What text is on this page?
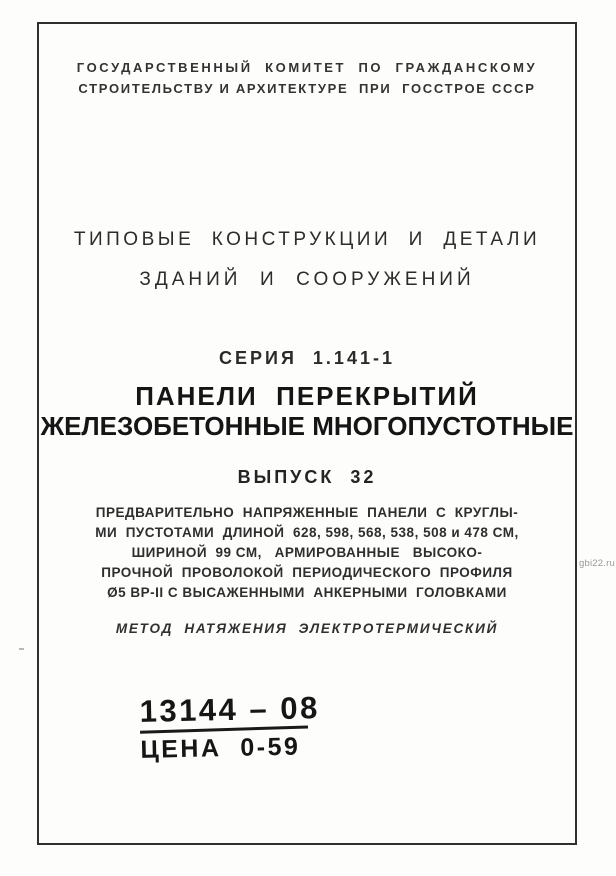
ГОСУДАРСТВЕННЫЙ  КОМИТЕТ  ПО  ГРАЖДАНСКОМУ
СТРОИТЕЛЬСТВУ И АРХИТЕКТУРЕ  ПРИ  ГОССТРОЕ СССР
ТИПОВЫЕ  КОНСТРУКЦИИ  И  ДЕТАЛИ
ЗДАНИЙ  И  СООРУЖЕНИЙ
СЕРИЯ  1.141-1
ПАНЕЛИ  ПЕРЕКРЫТИЙ
ЖЕЛЕЗОБЕТОННЫЕ МНОГОПУСТОТНЫЕ
ВЫПУСК  32
ПРЕДВАРИТЕЛЬНО  НАПРЯЖЕННЫЕ  ПАНЕЛИ  С  КРУГЛЫ-
МИ  ПУСТОТАМИ  ДЛИНОЙ  628, 598, 568, 538, 508 и 478 СМ,
ШИРИНОЙ  99 СМ,   АРМИРОВАННЫЕ   ВЫСОКО-
ПРОЧНОЙ  ПРОВОЛОКОЙ  ПЕРИОДИЧЕСКОГО  ПРОФИЛЯ
Ø5 ВР-II С ВЫСАЖЕННЫМИ  АНКЕРНЫМИ  ГОЛОВКАМИ
МЕТОД  НАТЯЖЕНИЯ  ЭЛЕКТРОТЕРМИЧЕСКИЙ
13144 – 08
ЦЕНА  0-59
gbi22.ru
